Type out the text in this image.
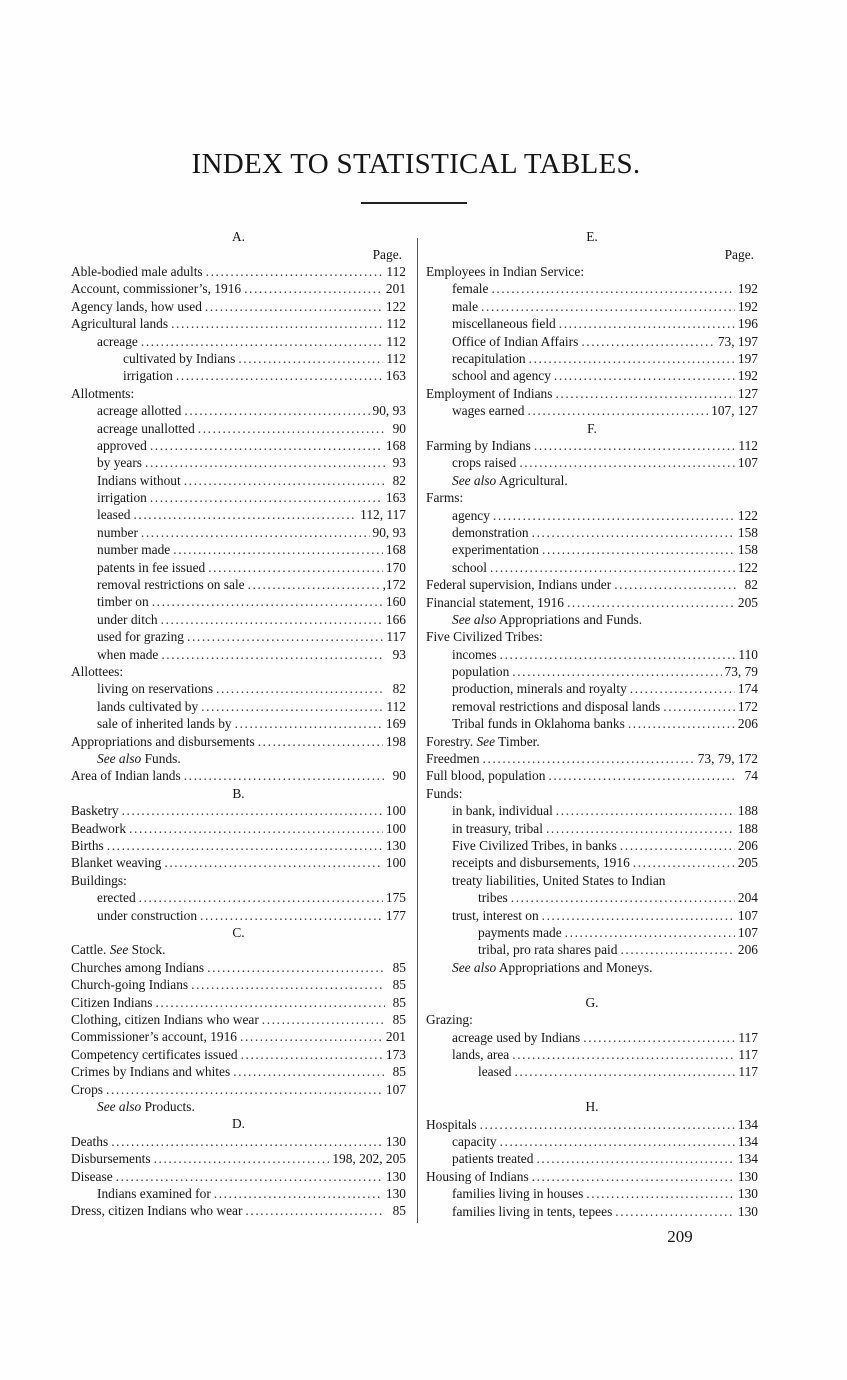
INDEX TO STATISTICAL TABLES.
A.
Page.
Able-bodied male adults .....	112
Account, commissioner’s, 1916 .....	201
Agency lands, how used .....	122
Agricultural lands .....	112
acreage .....	112
cultivated by Indians .....	112
irrigation .....	163
Allotments:
acreage allotted .....	90, 93
acreage unallotted .....	90
approved .....	168
by years .....	93
Indians without .....	82
irrigation .....	163
leased .....	112, 117
number .....	90, 93
number made .....	168
patents in fee issued .....	170
removal restrictions on sale .....	,172
timber on .....	160
under ditch .....	166
used for grazing .....	117
when made .....	93
Allottees:
living on reservations .....	82
lands cultivated by .....	112
sale of inherited lands by .....	169
Appropriations and disbursements .....	198
See also Funds.
Area of Indian lands .....	90
B.
Basketry .....	100
Beadwork .....	100
Births .....	130
Blanket weaving .....	100
Buildings:
erected .....	175
under construction .....	177
C.
Cattle. See Stock.
Churches among Indians .....	85
Church-going Indians .....	85
Citizen Indians .....	85
Clothing, citizen Indians who wear .....	85
Commissioner’s account, 1916 .....	201
Competency certificates issued .....	173
Crimes by Indians and whites .....	85
Crops .....	107
See also Products.
D.
Deaths .....	130
Disbursements .....	198, 202, 205
Disease .....	130
Indians examined for .....	130
Dress, citizen Indians who wear .....	85
E.
Page.
Employees in Indian Service:
female .....	192
male .....	192
miscellaneous field .....	196
Office of Indian Affairs .....	73, 197
recapitulation .....	197
school and agency .....	192
Employment of Indians .....	127
wages earned .....	107, 127
F.
Farming by Indians .....	112
crops raised .....	107
See also Agricultural.
Farms:
agency .....	122
demonstration .....	158
experimentation .....	158
school .....	122
Federal supervision, Indians under .....	82
Financial statement, 1916 .....	205
See also Appropriations and Funds.
Five Civilized Tribes:
incomes .....	110
population .....	73, 79
production, minerals and royalty .....	174
removal restrictions and disposal lands .....	172
Tribal funds in Oklahoma banks .....	206
Forestry. See Timber.
Freedmen .....	73, 79, 172
Full blood, population .....	74
Funds:
in bank, individual .....	188
in treasury, tribal .....	188
Five Civilized Tribes, in banks .....	206
receipts and disbursements, 1916 .....	205
treaty liabilities, United States to Indian
tribes .....	204
trust, interest on .....	107
payments made .....	107
tribal, pro rata shares paid .....	206
See also Appropriations and Moneys.
G.
Grazing:
acreage used by Indians .....	117
lands, area .....	117
leased .....	117
H.
Hospitals .....	134
capacity .....	134
patients treated .....	134
Housing of Indians .....	130
families living in houses .....	130
families living in tents, tepees .....	130
209
